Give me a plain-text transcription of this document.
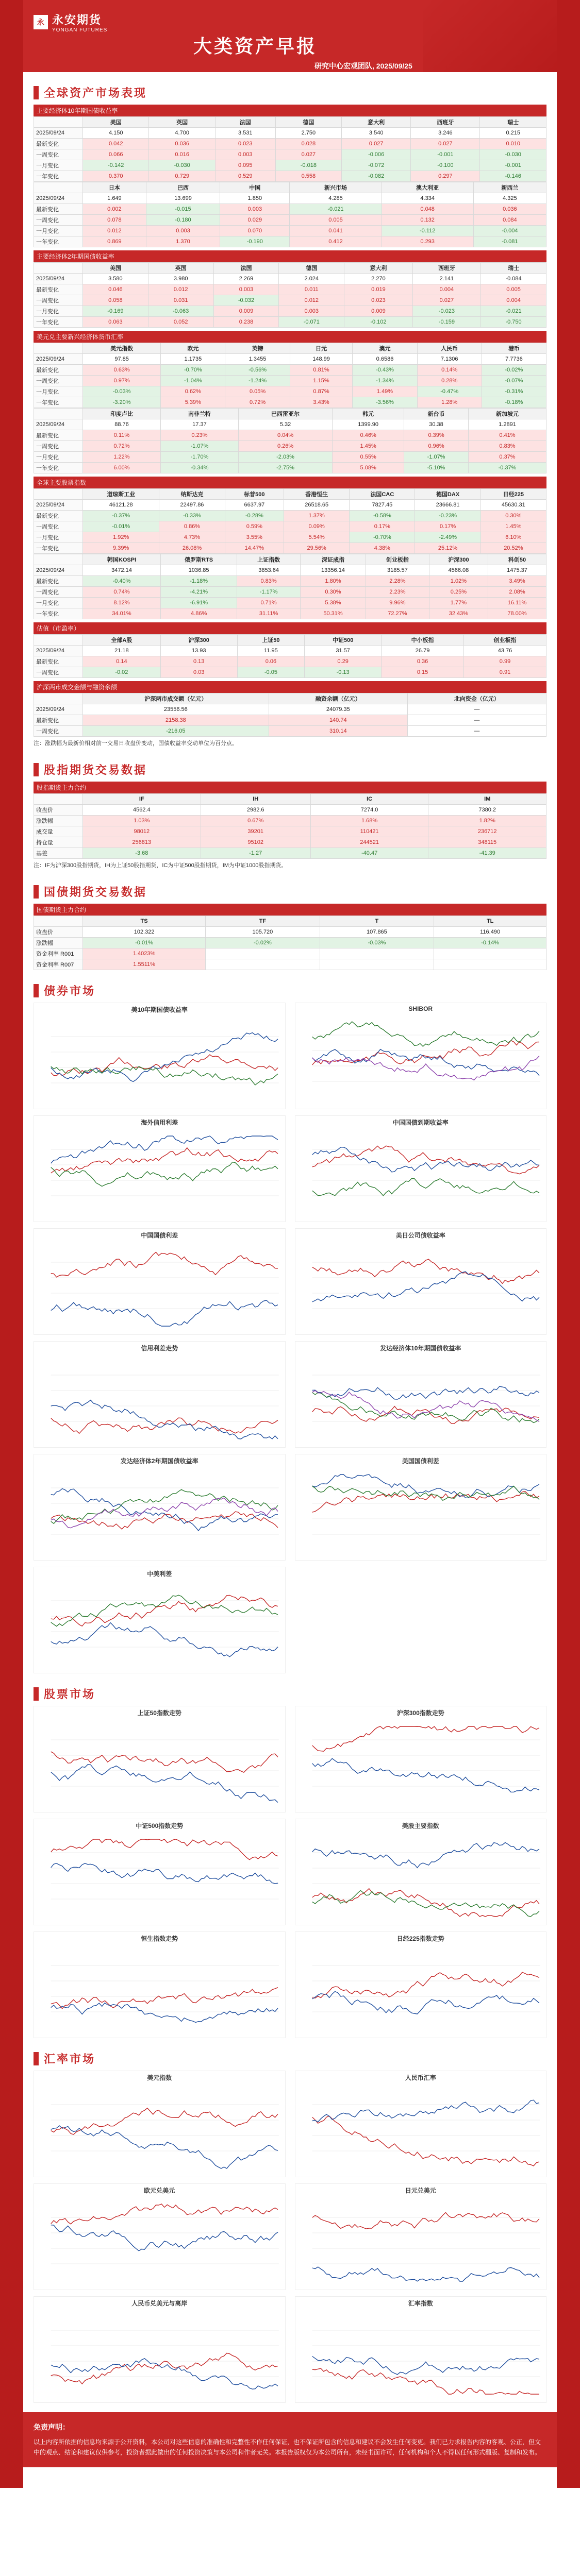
永 永安期货
YONGAN FUTURES
大类资产早报
研究中心宏观团队, 2025/09/25
全球资产市场表现
主要经济体10年期国债收益率
	美国	英国	法国	德国	意大利	西班牙	瑞士
2025/09/24	4.150	4.700	3.531	2.750	3.540	3.246	0.215
最新变化	0.042	0.036	0.023	0.028	0.027	0.027	0.010
一周变化	0.066	0.016	0.003	0.027	-0.006	-0.001	-0.030
一月变化	-0.142	-0.030	0.095	-0.018	-0.072	-0.100	-0.001
一年变化	0.370	0.729	0.529	0.558	-0.082	0.297	-0.146
	日本	巴西	中国	新兴市场	澳大利亚	新西兰
2025/09/24	1.649	13.699	1.850	4.285	4.334	4.325
最新变化	0.002	-0.015	0.003	-0.021	0.048	0.036
一周变化	0.078	-0.180	0.029	0.005	0.132	0.084
一月变化	0.012	0.003	0.070	0.041	-0.112	-0.004
一年变化	0.869	1.370	-0.190	0.412	0.293	-0.081
主要经济体2年期国债收益率
	美国	英国	法国	德国	意大利	西班牙	瑞士
2025/09/24	3.580	3.980	2.269	2.024	2.270	2.141	-0.084
最新变化	0.046	0.012	0.003	0.011	0.019	0.004	0.005
一周变化	0.058	0.031	-0.032	0.012	0.023	0.027	0.004
一月变化	-0.169	-0.063	0.009	0.003	0.009	-0.023	-0.021
一年变化	0.063	0.052	0.238	-0.071	-0.102	-0.159	-0.750
美元兑主要新兴经济体货币汇率
	美元指数	欧元	英镑	日元	澳元	人民币	港币
2025/09/24	97.85	1.1735	1.3455	148.99	0.6586	7.1306	7.7736
最新变化	0.63%	-0.70%	-0.56%	0.81%	-0.43%	0.14%	-0.02%
一周变化	0.97%	-1.04%	-1.24%	1.15%	-1.34%	0.28%	-0.07%
一月变化	-0.03%	0.62%	0.05%	0.87%	1.49%	-0.47%	-0.31%
一年变化	-3.20%	5.39%	0.72%	3.43%	-3.56%	1.28%	-0.18%
	印度卢比	南非兰特	巴西雷亚尔	韩元	新台币	新加坡元
2025/09/24	88.76	17.37	5.32	1399.90	30.38	1.2891
最新变化	0.11%	0.23%	0.04%	0.46%	0.39%	0.41%
一周变化	0.72%	-1.07%	0.26%	1.45%	0.96%	0.83%
一月变化	1.22%	-1.70%	-2.03%	0.55%	-1.07%	0.37%
一年变化	6.00%	-0.34%	-2.75%	5.08%	-5.10%	-0.37%
全球主要股票指数
	道琼斯工业	纳斯达克	标普500	香港恒生	法国CAC	德国DAX	日经225
2025/09/24	46121.28	22497.86	6637.97	26518.65	7827.45	23666.81	45630.31
最新变化	-0.37%	-0.33%	-0.28%	1.37%	-0.58%	-0.23%	0.30%
一周变化	-0.01%	0.86%	0.59%	0.09%	0.17%	0.17%	1.45%
一月变化	1.92%	4.73%	3.55%	5.54%	-0.70%	-2.49%	6.10%
一年变化	9.39%	26.08%	14.47%	29.56%	4.38%	25.12%	20.52%
	韩国KOSPI	俄罗斯RTS	上证指数	深证成指	创业板指	沪深300	科创50
2025/09/24	3472.14	1036.85	3853.64	13356.14	3185.57	4566.08	1475.37
最新变化	-0.40%	-1.18%	0.83%	1.80%	2.28%	1.02%	3.49%
一周变化	0.74%	-4.21%	-1.17%	0.30%	2.23%	0.25%	2.08%
一月变化	8.12%	-6.91%	0.71%	5.38%	9.96%	1.77%	16.11%
一年变化	34.01%	4.86%	31.11%	50.31%	72.27%	32.43%	78.00%
估值（市盈率）
	全部A股	沪深300	上证50	中证500	中小板指	创业板指
2025/09/24	21.18	13.93	11.95	31.57	26.79	43.76
最新变化	0.14	0.13	0.06	0.29	0.36	0.99
一周变化	-0.02	0.03	-0.05	-0.13	0.15	0.91
沪深两市成交金额与融资余额
	沪深两市成交额（亿元）	融资余额（亿元）	北向资金（亿元）
2025/09/24	23556.56	24079.35	—
最新变化	2158.38	140.74	—
一周变化	-216.05	310.14	—
注：涨跌幅为最新价相对前一交易日收盘价变动，国债收益率变动单位为百分点。
股指期货交易数据
股指期货主力合约
	IF	IH	IC	IM
收盘价	4562.4	2982.6	7274.0	7380.2
涨跌幅	1.03%	0.67%	1.68%	1.82%
成交量	98012	39201	110421	236712
持仓量	256813	95102	244521	348115
基差	-3.68	-1.27	-40.47	-41.39
注：IF为沪深300股指期货，IH为上证50股指期货，IC为中证500股指期货，IM为中证1000股指期货。
国债期货交易数据
国债期货主力合约
	TS	TF	T	TL
收盘价	102.322	105.720	107.865	116.490
涨跌幅	-0.01%	-0.02%	-0.03%	-0.14%
资金利率 R001	1.4023%			
资金利率 R007	1.5511%			
债券市场
美10年期国债收益率	SHIBOR
海外信用利差	中国国债到期收益率
中国国债利差	美日公司债收益率
信用利差走势	发达经济体10年期国债收益率
发达经济体2年期国债收益率	美国国债利差
中美利差
股票市场
上证50指数走势	沪深300指数走势
中证500指数走势	美股主要指数
恒生指数走势	日经225指数走势
汇率市场
美元指数	人民币汇率
欧元兑美元	日元兑美元
人民币兑美元与离岸	汇率指数
免责声明：
以上内容所依据的信息均来源于公开资料，本公司对这些信息的准确性和完整性不作任何保证，也不保证所包含的信息和建议不会发生任何变更。我们已力求报告内容的客观、公正，但文中的观点、结论和建议仅供参考，投资者据此做出的任何投资决策与本公司和作者无关。本报告版权仅为本公司所有，未经书面许可，任何机构和个人不得以任何形式翻版、复制和发布。
